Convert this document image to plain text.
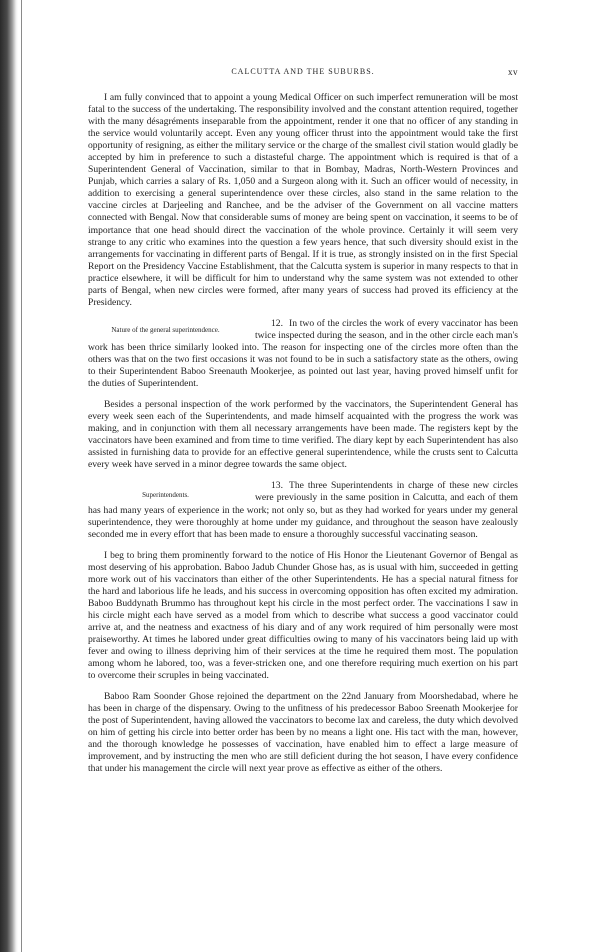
CALCUTTA AND THE SUBURBS.	xv

I am fully convinced that to appoint a young Medical Officer on such imperfect remuneration will be most fatal to the success of the undertaking. The responsibility involved and the constant attention required, together with the many désagréments inseparable from the appointment, render it one that no officer of any standing in the service would voluntarily accept. Even any young officer thrust into the appointment would take the first opportunity of resigning, as either the military service or the charge of the smallest civil station would gladly be accepted by him in preference to such a distasteful charge. The appointment which is required is that of a Superintendent General of Vaccination, similar to that in Bombay, Madras, North-Western Provinces and Punjab, which carries a salary of Rs. 1,050 and a Surgeon along with it. Such an officer would of necessity, in addition to exercising a general superintendence over these circles, also stand in the same relation to the vaccine circles at Darjeeling and Ranchee, and be the adviser of the Government on all vaccine matters connected with Bengal. Now that considerable sums of money are being spent on vaccination, it seems to be of importance that one head should direct the vaccination of the whole province. Certainly it will seem very strange to any critic who examines into the question a few years hence, that such diversity should exist in the arrangements for vaccinating in different parts of Bengal. If it is true, as strongly insisted on in the first Special Report on the Presidency Vaccine Establishment, that the Calcutta system is superior in many respects to that in practice elsewhere, it will be difficult for him to understand why the same system was not extended to other parts of Bengal, when new circles were formed, after many years of success had proved its efficiency at the Presidency.

12.
Nature of the general superintendence.
In two of the circles the work of every vaccinator has been twice inspected during the season, and in the other circle each man's work has been thrice similarly looked into. The reason for inspecting one of the circles more often than the others was that on the two first occasions it was not found to be in such a satisfactory state as the others, owing to their Superintendent Baboo Sreenauth Mookerjee, as pointed out last year, having proved himself unfit for the duties of Superintendent.

Besides a personal inspection of the work performed by the vaccinators, the Superintendent General has every week seen each of the Superintendents, and made himself acquainted with the progress the work was making, and in conjunction with them all necessary arrangements have been made. The registers kept by the vaccinators have been examined and from time to time verified. The diary kept by each Superintendent has also assisted in furnishing data to provide for an effective general superintendence, while the crusts sent to Calcutta every week have served in a minor degree towards the same object.

13.
Superintendents.
The three Superintendents in charge of these new circles were previously in the same position in Calcutta, and each of them has had many years of experience in the work; not only so, but as they had worked for years under my general superintendence, they were thoroughly at home under my guidance, and throughout the season have zealously seconded me in every effort that has been made to ensure a thoroughly successful vaccinating season.

I beg to bring them prominently forward to the notice of His Honor the Lieutenant Governor of Bengal as most deserving of his approbation. Baboo Jadub Chunder Ghose has, as is usual with him, succeeded in getting more work out of his vaccinators than either of the other Superintendents. He has a special natural fitness for the hard and laborious life he leads, and his success in overcoming opposition has often excited my admiration. Baboo Buddynath Brummo has throughout kept his circle in the most perfect order. The vaccinations I saw in his circle might each have served as a model from which to describe what success a good vaccinator could arrive at, and the neatness and exactness of his diary and of any work required of him personally were most praiseworthy. At times he labored under great difficulties owing to many of his vaccinators being laid up with fever and owing to illness depriving him of their services at the time he required them most. The population among whom he labored, too, was a fever-stricken one, and one therefore requiring much exertion on his part to overcome their scruples in being vaccinated.

Baboo Ram Soonder Ghose rejoined the department on the 22nd January from Moorshedabad, where he has been in charge of the dispensary. Owing to the unfitness of his predecessor Baboo Sreenath Mookerjee for the post of Superintendent, having allowed the vaccinators to become lax and careless, the duty which devolved on him of getting his circle into better order has been by no means a light one. His tact with the man, however, and the thorough knowledge he possesses of vaccination, have enabled him to effect a large measure of improvement, and by instructing the men who are still deficient during the hot season, I have every confidence that under his management the circle will next year prove as effective as either of the others.
